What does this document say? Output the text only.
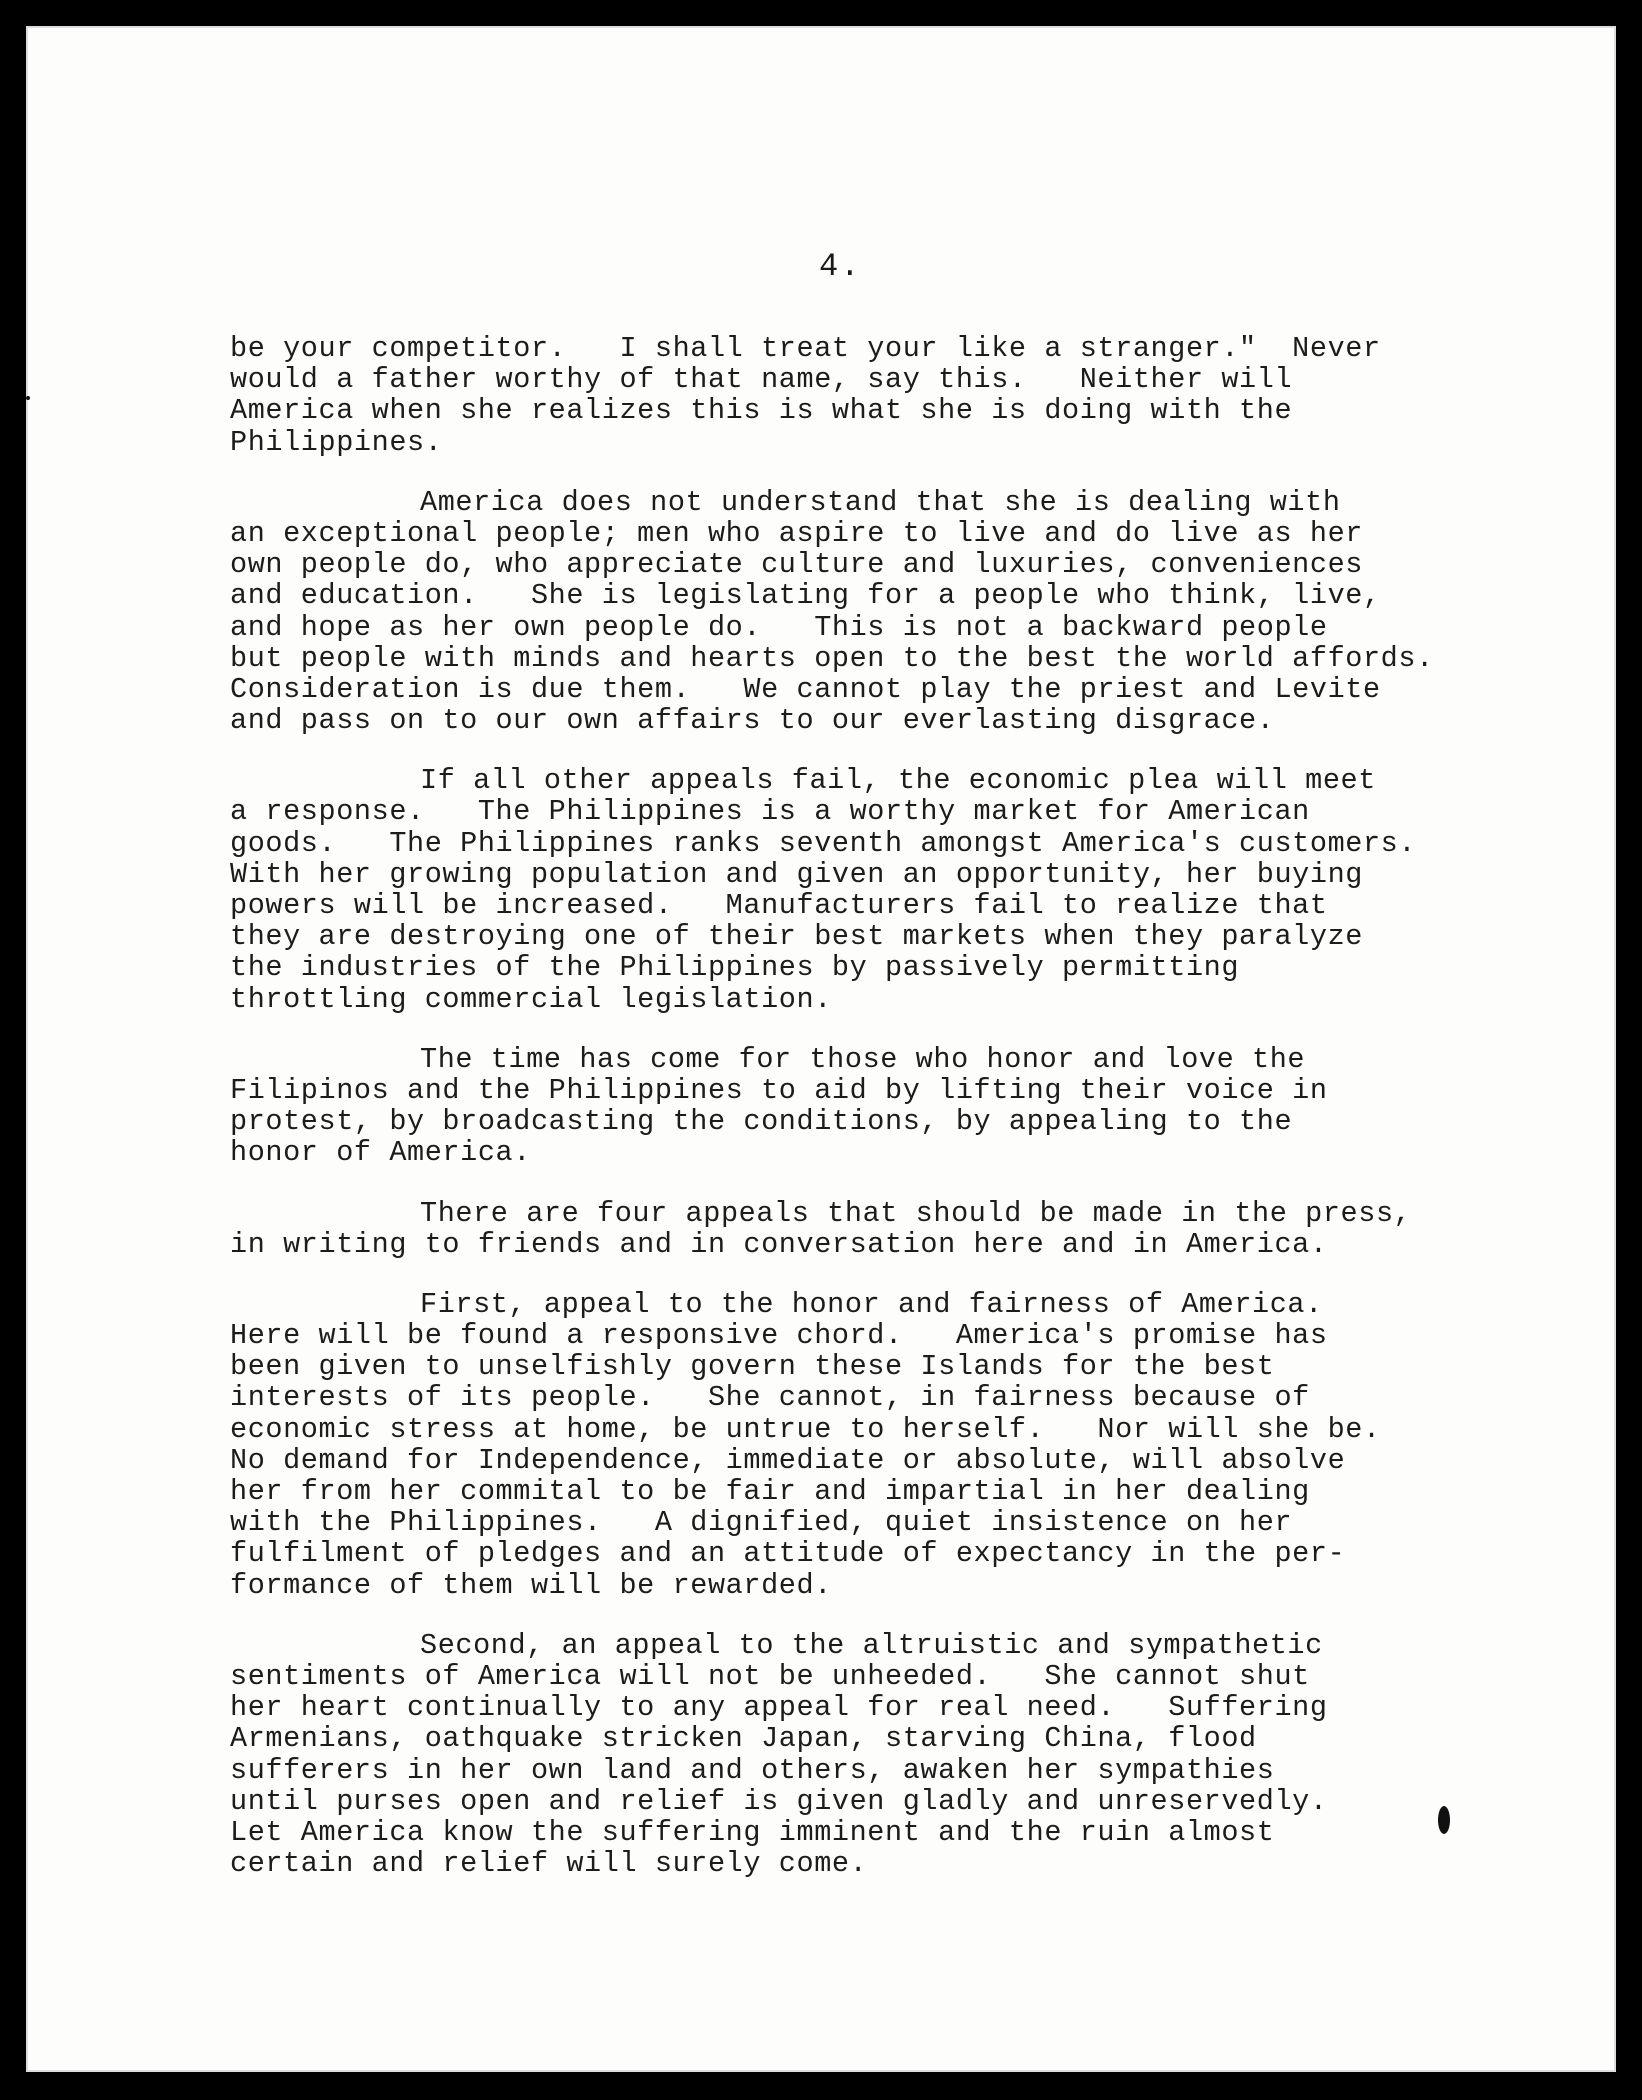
4.
be your competitor.   I shall treat your like a stranger."  Never
would a father worthy of that name, say this.   Neither will
America when she realizes this is what she is doing with the
Philippines.
America does not understand that she is dealing with
an exceptional people; men who aspire to live and do live as her
own people do, who appreciate culture and luxuries, conveniences
and education.   She is legislating for a people who think, live,
and hope as her own people do.   This is not a backward people
but people with minds and hearts open to the best the world affords.
Consideration is due them.   We cannot play the priest and Levite
and pass on to our own affairs to our everlasting disgrace.
If all other appeals fail, the economic plea will meet
a response.   The Philippines is a worthy market for American
goods.   The Philippines ranks seventh amongst America's customers.
With her growing population and given an opportunity, her buying
powers will be increased.   Manufacturers fail to realize that
they are destroying one of their best markets when they paralyze
the industries of the Philippines by passively permitting
throttling commercial legislation.
The time has come for those who honor and love the
Filipinos and the Philippines to aid by lifting their voice in
protest, by broadcasting the conditions, by appealing to the
honor of America.
There are four appeals that should be made in the press,
in writing to friends and in conversation here and in America.
First, appeal to the honor and fairness of America.
Here will be found a responsive chord.   America's promise has
been given to unselfishly govern these Islands for the best
interests of its people.   She cannot, in fairness because of
economic stress at home, be untrue to herself.   Nor will she be.
No demand for Independence, immediate or absolute, will absolve
her from her commital to be fair and impartial in her dealing
with the Philippines.   A dignified, quiet insistence on her
fulfilment of pledges and an attitude of expectancy in the per-
formance of them will be rewarded.
Second, an appeal to the altruistic and sympathetic
sentiments of America will not be unheeded.   She cannot shut
her heart continually to any appeal for real need.   Suffering
Armenians, oathquake stricken Japan, starving China, flood
sufferers in her own land and others, awaken her sympathies
until purses open and relief is given gladly and unreservedly.
Let America know the suffering imminent and the ruin almost
certain and relief will surely come.
